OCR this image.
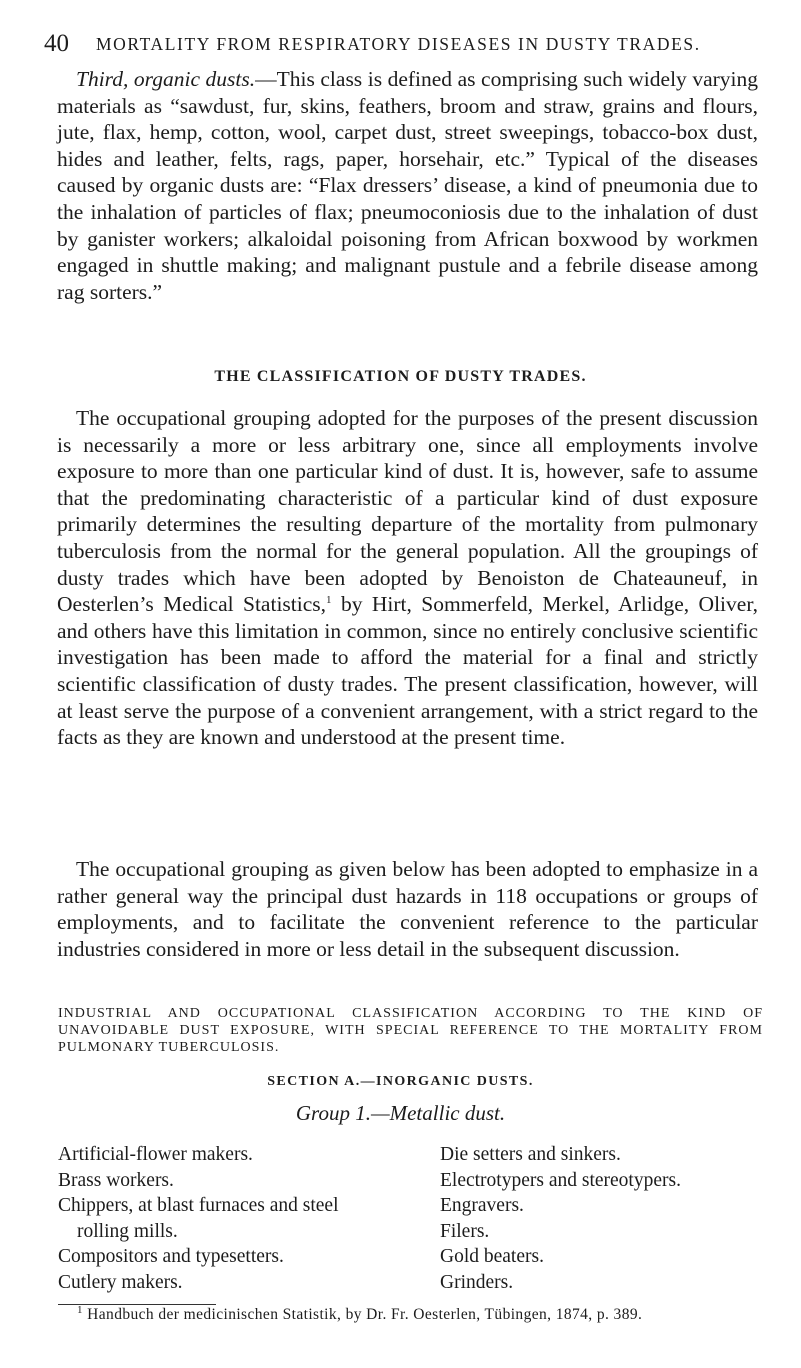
40 MORTALITY FROM RESPIRATORY DISEASES IN DUSTY TRADES.

Third, organic dusts.—This class is defined as comprising such widely varying materials as “sawdust, fur, skins, feathers, broom and straw, grains and flours, jute, flax, hemp, cotton, wool, carpet dust, street sweepings, tobacco-box dust, hides and leather, felts, rags, paper, horsehair, etc.” Typical of the diseases caused by organic dusts are: “Flax dressers’ disease, a kind of pneumonia due to the inhalation of particles of flax; pneumoconiosis due to the inhalation of dust by ganister workers; alkaloidal poisoning from African boxwood by workmen engaged in shuttle making; and malignant pustule and a febrile disease among rag sorters.”

THE CLASSIFICATION OF DUSTY TRADES.

The occupational grouping adopted for the purposes of the present discussion is necessarily a more or less arbitrary one, since all employments involve exposure to more than one particular kind of dust. It is, however, safe to assume that the predominating characteristic of a particular kind of dust exposure primarily determines the resulting departure of the mortality from pulmonary tuberculosis from the normal for the general population. All the groupings of dusty trades which have been adopted by Benoiston de Chateauneuf, in Oesterlen’s Medical Statistics,$^1$ by Hirt, Sommerfeld, Merkel, Arlidge, Oliver, and others have this limitation in common, since no entirely conclusive scientific investigation has been made to afford the material for a final and strictly scientific classification of dusty trades. The present classification, however, will at least serve the purpose of a convenient arrangement, with a strict regard to the facts as they are known and understood at the present time.

The occupational grouping as given below has been adopted to emphasize in a rather general way the principal dust hazards in 118 occupations or groups of employments, and to facilitate the convenient reference to the particular industries considered in more or less detail in the subsequent discussion.

INDUSTRIAL AND OCCUPATIONAL CLASSIFICATION ACCORDING TO THE KIND OF UNAVOIDABLE DUST EXPOSURE, WITH SPECIAL REFERENCE TO THE MORTALITY FROM PULMONARY TUBERCULOSIS.
SECTION A.—INORGANIC DUSTS.
Group 1.—Metallic dust.
Artificial-flower makers.
Brass workers.
Chippers, at blast furnaces and steel
rolling mills.
Compositors and typesetters.
Cutlery makers.
Die setters and sinkers.
Electrotypers and stereotypers.
Engravers.
Filers.
Gold beaters.
Grinders.
$^1$ Handbuch der medicinischen Statistik, by Dr. Fr. Oesterlen, Tübingen, 1874, p. 389.
